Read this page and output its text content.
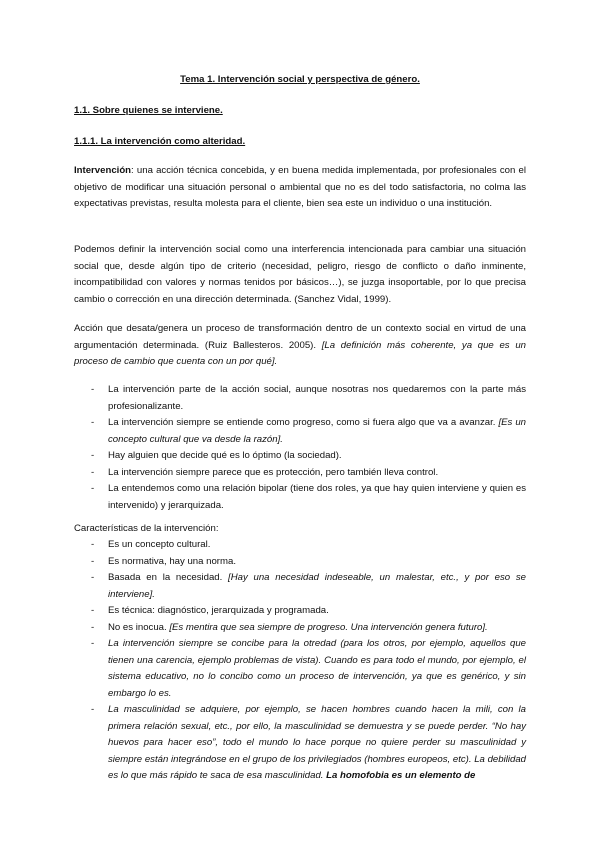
Tema 1. Intervención social y perspectiva de género.
1.1. Sobre quienes se interviene.
1.1.1. La intervención como alteridad.

Intervención: una acción técnica concebida, y en buena medida implementada, por profesionales con el objetivo de modificar una situación personal o ambiental que no es del todo satisfactoria, no colma las expectativas previstas, resulta molesta para el cliente, bien sea este un individuo o una institución.

Podemos definir la intervención social como una interferencia intencionada para cambiar una situación social que, desde algún tipo de criterio (necesidad, peligro, riesgo de conflicto o daño inminente, incompatibilidad con valores y normas tenidos por básicos…), se juzga insoportable, por lo que precisa cambio o corrección en una dirección determinada. (Sanchez Vidal, 1999).

Acción que desata/genera un proceso de transformación dentro de un contexto social en virtud de una argumentación determinada. (Ruiz Ballesteros. 2005). [La definición más coherente, ya que es un proceso de cambio que cuenta con un por qué].

- La intervención parte de la acción social, aunque nosotras nos quedaremos con la parte más profesionalizante.
- La intervención siempre se entiende como progreso, como si fuera algo que va a avanzar. [Es un concepto cultural que va desde la razón].
- Hay alguien que decide qué es lo óptimo (la sociedad).
- La intervención siempre parece que es protección, pero también lleva control.
- La entendemos como una relación bipolar (tiene dos roles, ya que hay quien interviene y quien es intervenido) y jerarquizada.
Características de la intervención:
- Es un concepto cultural.
- Es normativa, hay una norma.
- Basada en la necesidad. [Hay una necesidad indeseable, un malestar, etc., y por eso se interviene].
- Es técnica: diagnóstico, jerarquizada y programada.
- No es inocua. [Es mentira que sea siempre de progreso. Una intervención genera futuro].
- La intervención siempre se concibe para la otredad (para los otros, por ejemplo, aquellos que tienen una carencia, ejemplo problemas de vista). Cuando es para todo el mundo, por ejemplo, el sistema educativo, no lo concibo como un proceso de intervención, ya que es genérico, y sin embargo lo es.
- La masculinidad se adquiere, por ejemplo, se hacen hombres cuando hacen la mili, con la primera relación sexual, etc., por ello, la masculinidad se demuestra y se puede perder. “No hay huevos para hacer eso”, todo el mundo lo hace porque no quiere perder su masculinidad y siempre están integrándose en el grupo de los privilegiados (hombres europeos, etc). La debilidad es lo que más rápido te saca de esa masculinidad. La homofobia es un elemento de
